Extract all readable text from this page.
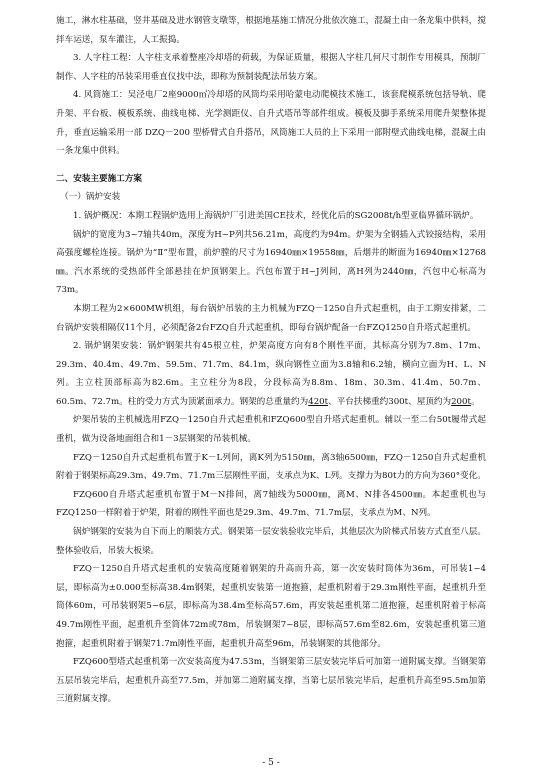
施工，淋水柱基础，竖井基础及进水钢管支墩等，根据地基施工情况分批依次施工，混凝土由一条龙集中供料，搅拌车运送，泵车灌注，人工振捣。

3. 人字柱工程：人字柱支承着整座冷却塔的荷载，为保证质量，根据人字柱几何尺寸制作专用模具，预制厂制作、人字柱的吊装采用垂直仪找中法，即称为预制装配法吊装方案。

4. 风筒施工：吴泾电厂2座9000㎡冷却塔的风筒均采用哈蒙电动爬模技术施工，该套爬模系统包括导轨、爬升架、平台板、模板系统、曲线电梯、光学测距仪、自升式塔吊等部件组成。模板及脚手系统采用爬升架整体提升，垂直运输采用一部 DZQ－200 型桥臂式自升搭吊，风筒施工人员的上下采用一部附壁式曲线电梯，混凝土由一条龙集中供料。

二、安装主要施工方案

（一）锅炉安装

1. 锅炉概况：本期工程锅炉选用上海锅炉厂引进美国CE技术，经优化后的SG2008t/h型亚临界循环锅炉。

锅炉的宽度为3~7轴共40m，深度为H~P列共56.21m，高度约为94m。炉架为全钢插入式铰接结构，采用高强度螺栓连接。锅炉为“Ⅱ”型布置，前炉膛的尺寸为16940㎜×19558㎜，后烟井的断面为16940㎜×12768㎜。汽水系统的受热部件全部悬挂在炉顶钢架上。汽包布置于H~J列间，离H列为2440㎜，汽包中心标高为73m。

本期工程为2×600MW机组，每台锅炉吊装的主力机械为FZQ－1250自升式起重机，由于工期安排紧，二台锅炉安装相隔仅11个月，必须配备2台FZQ自升式起重机，即每台锅炉配备一台FZQ1250自升塔式起重机。

2. 锅炉钢架安装：锅炉钢架共有45根立柱，炉架高度方向有8个刚性平面，其标高分别为7.8m、17m、29.3m、40.4m、49.7m、59.5m、71.7m、84.1m，纵向钢性立面为3.8轴和6.2轴，横向立面为H、L、N列。主立柱顶部标高为82.6m。主立柱分为8段，分段标高为8.8m、18m、30.3m、41.4m、50.7m、60.5m、72.7m。柱的受力方式为顶紧面承力。钢架的总重量约为420t、平台扶梯重约300t、屋顶约为200t。

炉架吊装的主机械选用FZQ－1250自升式起重机和FZQ600型自升塔式起重机。辅以一至二台50t履带式起重机，做为设备地面组合和1－3层钢架的吊装机械。

FZQ－1250自升式起重机布置于K－L列间，离K列为5150㎜，离3轴6500㎜，FZQ－1250自升式起重机附着于钢架标高29.3m、49.7m、71.7m三层刚性平面，支承点为K、L列。支撑力为80t力的方向为360°变化。

FZQ600自升塔式起重机布置于M－N排间，离7轴线为5000㎜，离M、N排各4500㎜。本起重机也与FZQ1250一样附着于炉架，附着的刚性平面也是29.3m、49.7m、71.7m层，支承点为M、N列。

锅炉钢架的安装为自下而上的顺装方式。钢架第一层安装验收完毕后，其他层次为阶梯式吊装方式直至八层。整体验收后，吊装大板梁。

FZQ－1250自升塔式起重机的安装高度随着钢架的升高而升高，第一次安装时筒体为36m，可吊装1~4层，即标高为±0.000至标高38.4m钢架，起重机安装第一道抱箍，起重机附着于29.3m刚性平面，起重机升至筒体60m，可吊装钢架5~6层，即标高为38.4m至标高57.6m，再安装起重机第二道抱箍，起重机附着于标高49.7m刚性平面，起重机升至筒体72m或78m，吊装钢架7~8层，即标高57.6m至82.6m，安装起重机第三道抱箍，起重机附着于钢架71.7m刚性平面，起重机升高至96m，吊装钢架的其他部分。

FZQ600型塔式起重机第一次安装高度为47.53m，当钢架第三层安装完毕后可加第一道附属支撑。当钢架第五层吊装完毕后，起重机升高至77.5m，并加第二道附属支撑，当第七层吊装完毕后，起重机升高至95.5m加第三道附属支撑。

- 5 -
